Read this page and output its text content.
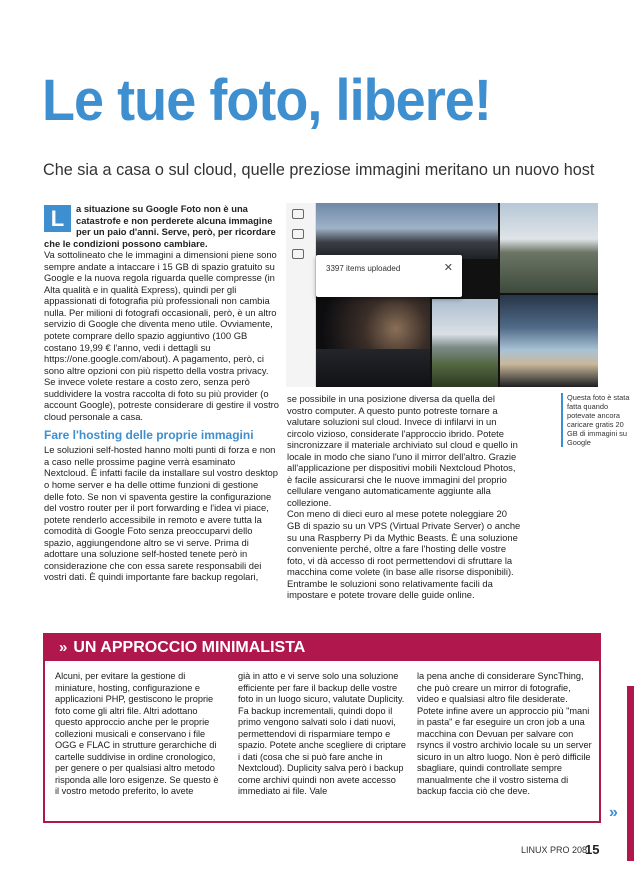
Le tue foto, libere!
Che sia a casa o sul cloud, quelle preziose immagini meritano un nuovo host
L	a situazione su Google Foto non è una catastrofe e non perderete alcuna immagine per un paio d'anni. Serve, però, per ricordare che le condizioni possono cambiare.

Va sottolineato che le immagini a dimensioni piene sono sempre andate a intaccare i 15 GB di spazio gratuito su Google e la nuova regola riguarda quelle compresse (in Alta qualità e in qualità Express), quindi per gli appassionati di fotografia più professionali non cambia nulla. Per milioni di fotografi occasionali, però, è un altro servizio di Google che diventa meno utile. Ovviamente, potete comprare dello spazio aggiuntivo (100 GB costano 19,99 € l'anno, vedi i dettagli su https://one.google.com/about). A pagamento, però, ci sono altre opzioni con più rispetto della vostra privacy. Se invece volete restare a costo zero, senza però suddividere la vostra raccolta di foto su più provider (o account Google), potreste considerare di gestire il vostro cloud personale a casa.

Fare l'hosting delle proprie immagini

Le soluzioni self-hosted hanno molti punti di forza e non a caso nelle prossime pagine verrà esaminato Nextcloud. È infatti facile da installare sul vostro desktop o home server e ha delle ottime funzioni di gestione delle foto. Se non vi spaventa gestire la configurazione del vostro router per il port forwarding e l'idea vi piace, potete renderlo accessibile in remoto e avere tutta la comodità di Google Foto senza preoccuparvi dello spazio, aggiungendone altro se vi serve. Prima di adottare una soluzione self-hosted tenete però in considerazione che con essa sarete responsabili dei vostri dati. È quindi importante fare backup regolari,

3397 items uploaded	✕

se possibile in una posizione diversa da quella del vostro computer. A questo punto potreste tornare a valutare soluzioni sul cloud. Invece di infilarvi in un circolo vizioso, considerate l'approccio ibrido. Potete sincronizzare il materiale archiviato sul cloud e quello in locale in modo che siano l'uno il mirror dell'altro. Grazie all'applicazione per dispositivi mobili Nextcloud Photos, è facile assicurarsi che le nuove immagini del proprio cellulare vengano automaticamente aggiunte alla collezione.

Con meno di dieci euro al mese potete noleggiare 20 GB di spazio su un VPS (Virtual Private Server) o anche su una Raspberry Pi da Mythic Beasts. È una soluzione conveniente perché, oltre a fare l'hosting delle vostre foto, vi dà accesso di root permettendovi di sfruttare la macchina come volete (in base alle risorse disponibili). Entrambe le soluzioni sono relativamente facili da impostare e potete trovare delle guide online.

Questa foto è stata fatta quando potevate ancora caricare gratis 20 GB di immagini su Google
» UN APPROCCIO MINIMALISTA

Alcuni, per evitare la gestione di miniature, hosting, configurazione e applicazioni PHP, gestiscono le proprie foto come gli altri file. Altri adottano questo approccio anche per le proprie collezioni musicali e conservano i file OGG e FLAC in strutture gerarchiche di cartelle suddivise in ordine cronologico, per genere o per qualsiasi altro metodo risponda alle loro esigenze. Se questo è il vostro metodo preferito, lo avete

già in atto e vi serve solo una soluzione efficiente per fare il backup delle vostre foto in un luogo sicuro, valutate Duplicity. Fa backup incrementali, quindi dopo il primo vengono salvati solo i dati nuovi, permettendovi di risparmiare tempo e spazio. Potete anche scegliere di criptare i dati (cosa che si può fare anche in Nextcloud). Duplicity salva però i backup come archivi quindi non avete accesso immediato ai file. Vale

la pena anche di considerare SyncThing, che può creare un mirror di fotografie, video e qualsiasi altro file desiderate. Potete infine avere un approccio più "mani in pasta" e far eseguire un cron job a una macchina con Devuan per salvare con rsyncs il vostro archivio locale su un server sicuro in un altro luogo. Non è però difficile sbagliare, quindi controllate sempre manualmente che il vostro sistema di backup faccia ciò che deve.

»
LINUX PRO 208
15
